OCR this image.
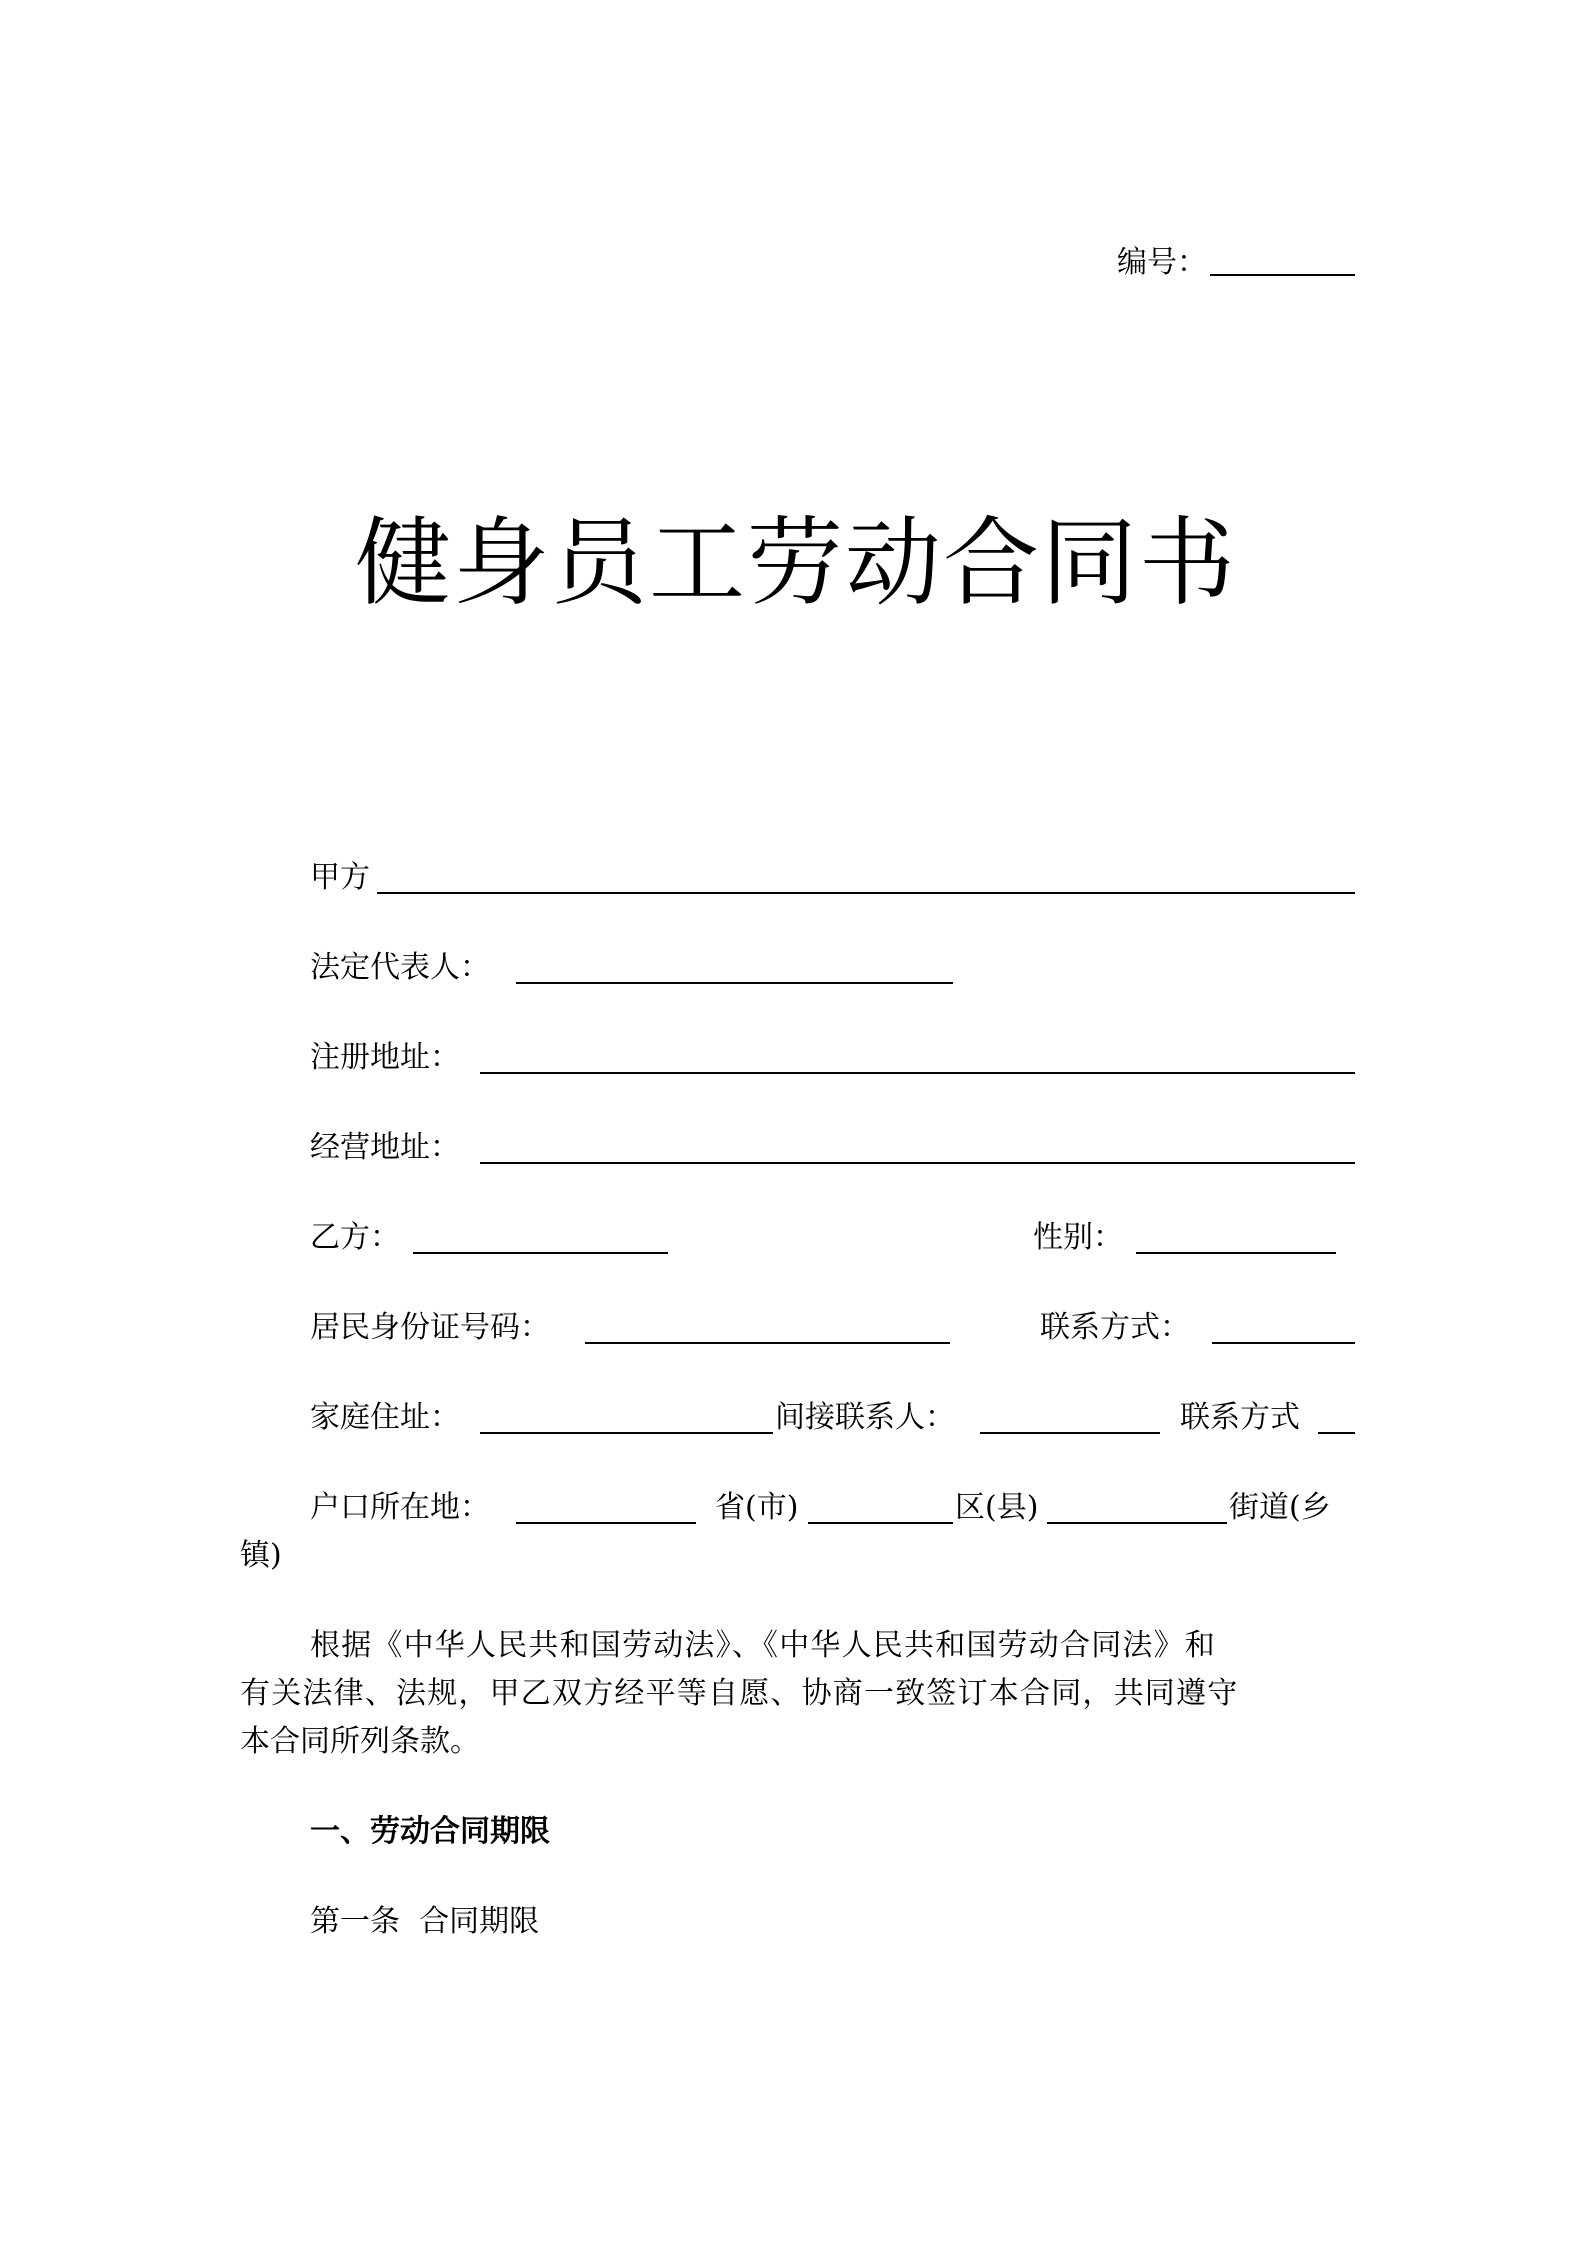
编号：
健身员工劳动合同书
甲方
法定代表人：
注册地址：
经营地址：
乙方：	性别：
居民身份证号码：	联系方式：
家庭住址：	间接联系人：	联系方式
户口所在地：	省(市)	区(县)	街道(乡
镇)
根据《中华人民共和国劳动法》、《中华人民共和国劳动合同法》和
有关法律、法规，甲乙双方经平等自愿、协商一致签订本合同，共同遵守
本合同所列条款。
一、劳动合同期限
第一条  合同期限
